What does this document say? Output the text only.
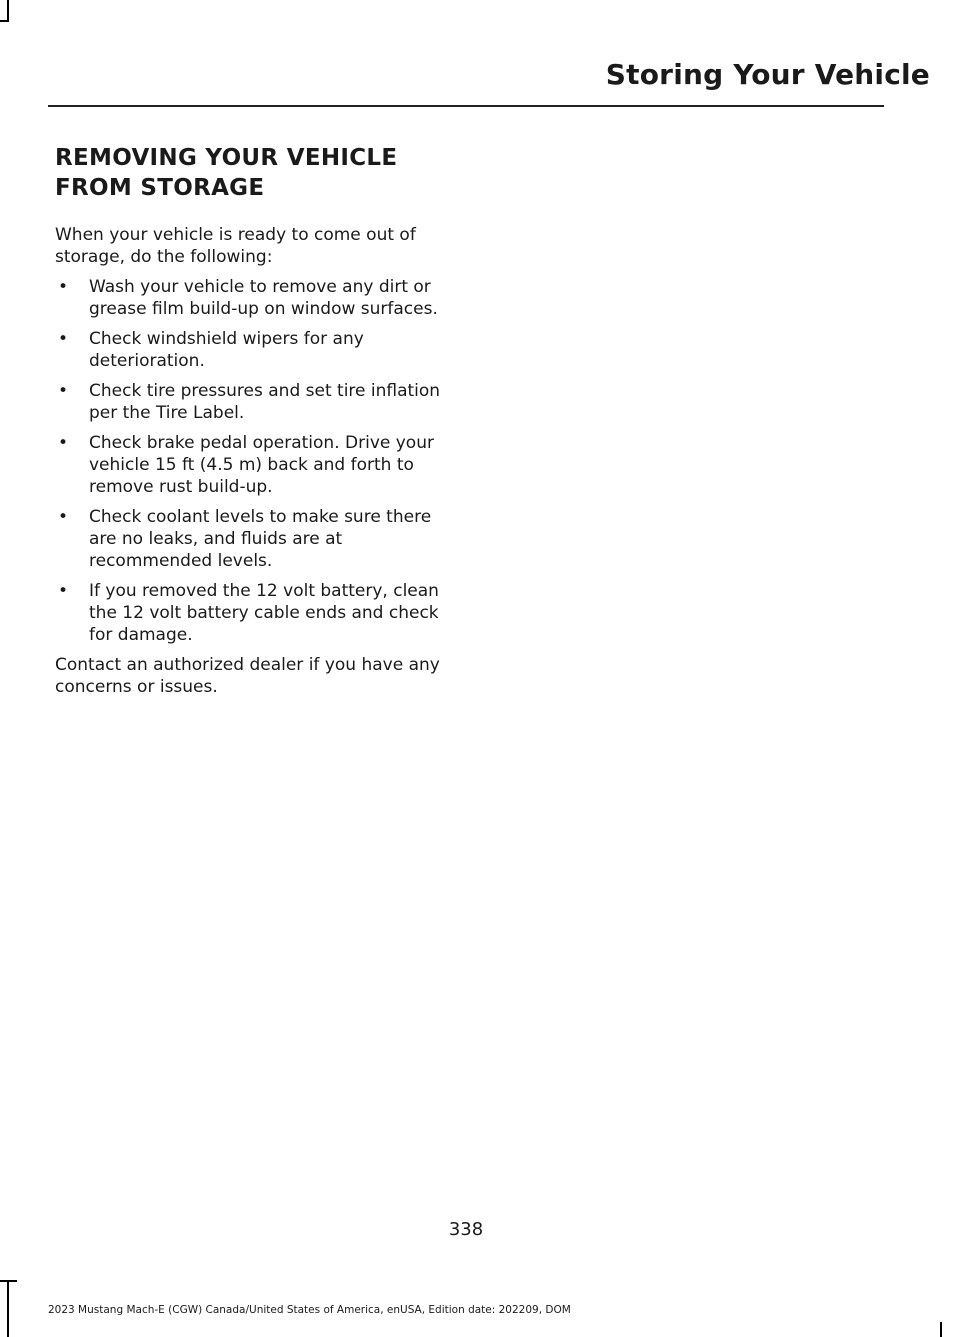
Storing Your Vehicle
REMOVING YOUR VEHICLE
FROM STORAGE

When your vehicle is ready to come out of storage, do the following:

• Wash your vehicle to remove any dirt or grease film build-up on window surfaces.
• Check windshield wipers for any deterioration.
• Check tire pressures and set tire inflation per the Tire Label.
• Check brake pedal operation. Drive your vehicle 15 ft (4.5 m) back and forth to remove rust build-up.
• Check coolant levels to make sure there are no leaks, and fluids are at recommended levels.
• If you removed the 12 volt battery, clean the 12 volt battery cable ends and check for damage.

Contact an authorized dealer if you have any concerns or issues.

338
2023 Mustang Mach-E (CGW) Canada/United States of America, enUSA, Edition date: 202209, DOM
